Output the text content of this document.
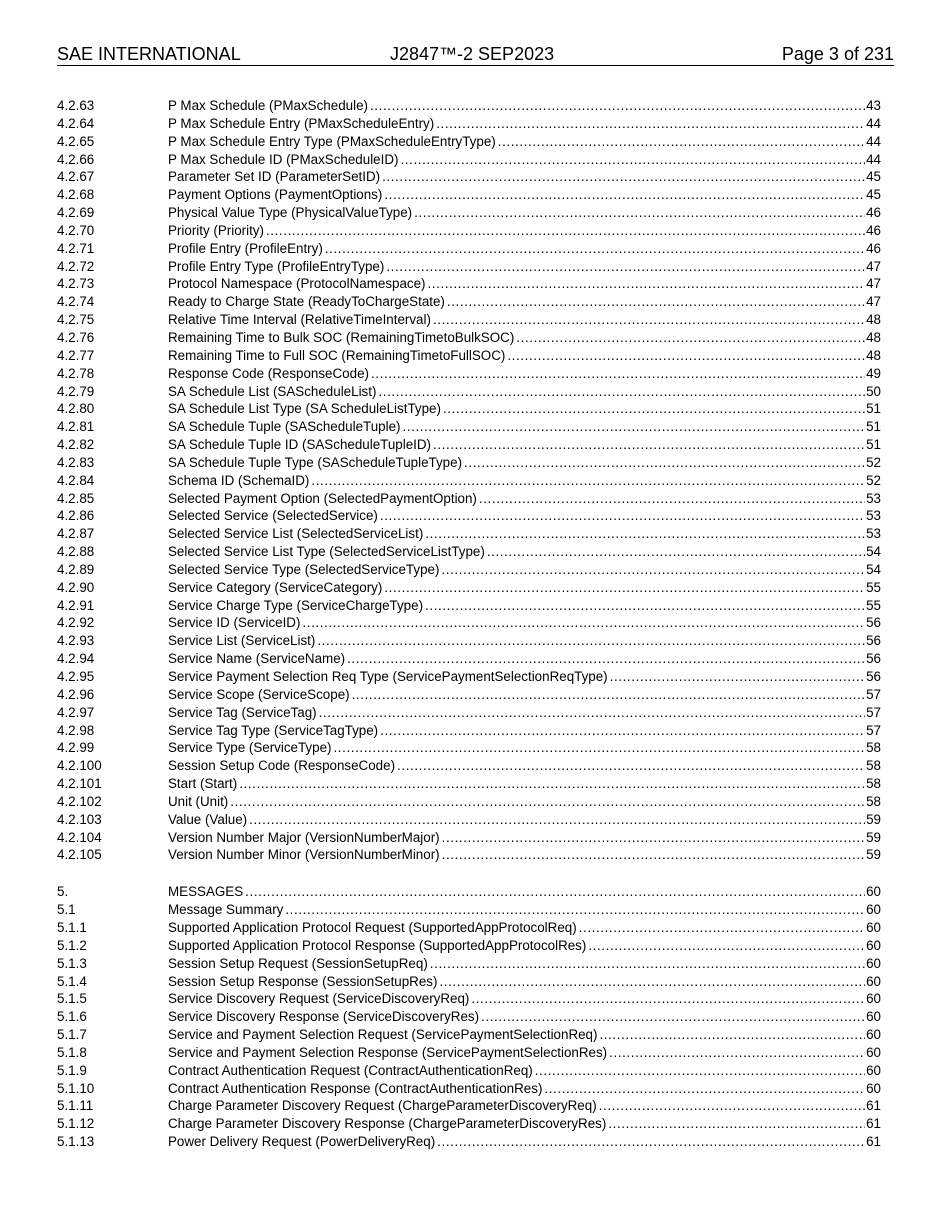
SAE INTERNATIONAL	J2847™-2 SEP2023	Page 3 of 231
4.2.63	P Max Schedule (PMaxSchedule) .....	43
4.2.64	P Max Schedule Entry (PMaxScheduleEntry) .....	44
4.2.65	P Max Schedule Entry Type (PMaxScheduleEntryType) .....	44
4.2.66	P Max Schedule ID (PMaxScheduleID) .....	44
4.2.67	Parameter Set ID (ParameterSetID) .....	45
4.2.68	Payment Options (PaymentOptions) .....	45
4.2.69	Physical Value Type (PhysicalValueType) .....	46
4.2.70	Priority (Priority) .....	46
4.2.71	Profile Entry (ProfileEntry) .....	46
4.2.72	Profile Entry Type (ProfileEntryType) .....	47
4.2.73	Protocol Namespace (ProtocolNamespace) .....	47
4.2.74	Ready to Charge State (ReadyToChargeState) .....	47
4.2.75	Relative Time Interval (RelativeTimeInterval) .....	48
4.2.76	Remaining Time to Bulk SOC (RemainingTimetoBulkSOC) .....	48
4.2.77	Remaining Time to Full SOC (RemainingTimetoFullSOC) .....	48
4.2.78	Response Code (ResponseCode) .....	49
4.2.79	SA Schedule List (SAScheduleList) .....	50
4.2.80	SA Schedule List Type (SA ScheduleListType) .....	51
4.2.81	SA Schedule Tuple (SAScheduleTuple) .....	51
4.2.82	SA Schedule Tuple ID (SAScheduleTupleID) .....	51
4.2.83	SA Schedule Tuple Type (SAScheduleTupleType) .....	52
4.2.84	Schema ID (SchemaID) .....	52
4.2.85	Selected Payment Option (SelectedPaymentOption) .....	53
4.2.86	Selected Service (SelectedService) .....	53
4.2.87	Selected Service List (SelectedServiceList) .....	53
4.2.88	Selected Service List Type (SelectedServiceListType) .....	54
4.2.89	Selected Service Type (SelectedServiceType) .....	54
4.2.90	Service Category (ServiceCategory) .....	55
4.2.91	Service Charge Type (ServiceChargeType) .....	55
4.2.92	Service ID (ServiceID) .....	56
4.2.93	Service List (ServiceList) .....	56
4.2.94	Service Name (ServiceName) .....	56
4.2.95	Service Payment Selection Req Type (ServicePaymentSelectionReqType) .....	56
4.2.96	Service Scope (ServiceScope) .....	57
4.2.97	Service Tag (ServiceTag) .....	57
4.2.98	Service Tag Type (ServiceTagType) .....	57
4.2.99	Service Type (ServiceType) .....	58
4.2.100	Session Setup Code (ResponseCode) .....	58
4.2.101	Start (Start) .....	58
4.2.102	Unit (Unit) .....	58
4.2.103	Value (Value) .....	59
4.2.104	Version Number Major (VersionNumberMajor) .....	59
4.2.105	Version Number Minor (VersionNumberMinor) .....	59
5.	MESSAGES .....	60
5.1	Message Summary .....	60
5.1.1	Supported Application Protocol Request (SupportedAppProtocolReq) .....	60
5.1.2	Supported Application Protocol Response (SupportedAppProtocolRes) .....	60
5.1.3	Session Setup Request (SessionSetupReq) .....	60
5.1.4	Session Setup Response (SessionSetupRes) .....	60
5.1.5	Service Discovery Request (ServiceDiscoveryReq) .....	60
5.1.6	Service Discovery Response (ServiceDiscoveryRes) .....	60
5.1.7	Service and Payment Selection Request (ServicePaymentSelectionReq) .....	60
5.1.8	Service and Payment Selection Response (ServicePaymentSelectionRes) .....	60
5.1.9	Contract Authentication Request (ContractAuthenticationReq) .....	60
5.1.10	Contract Authentication Response (ContractAuthenticationRes) .....	60
5.1.11	Charge Parameter Discovery Request (ChargeParameterDiscoveryReq) .....	61
5.1.12	Charge Parameter Discovery Response (ChargeParameterDiscoveryRes) .....	61
5.1.13	Power Delivery Request (PowerDeliveryReq) .....	61
